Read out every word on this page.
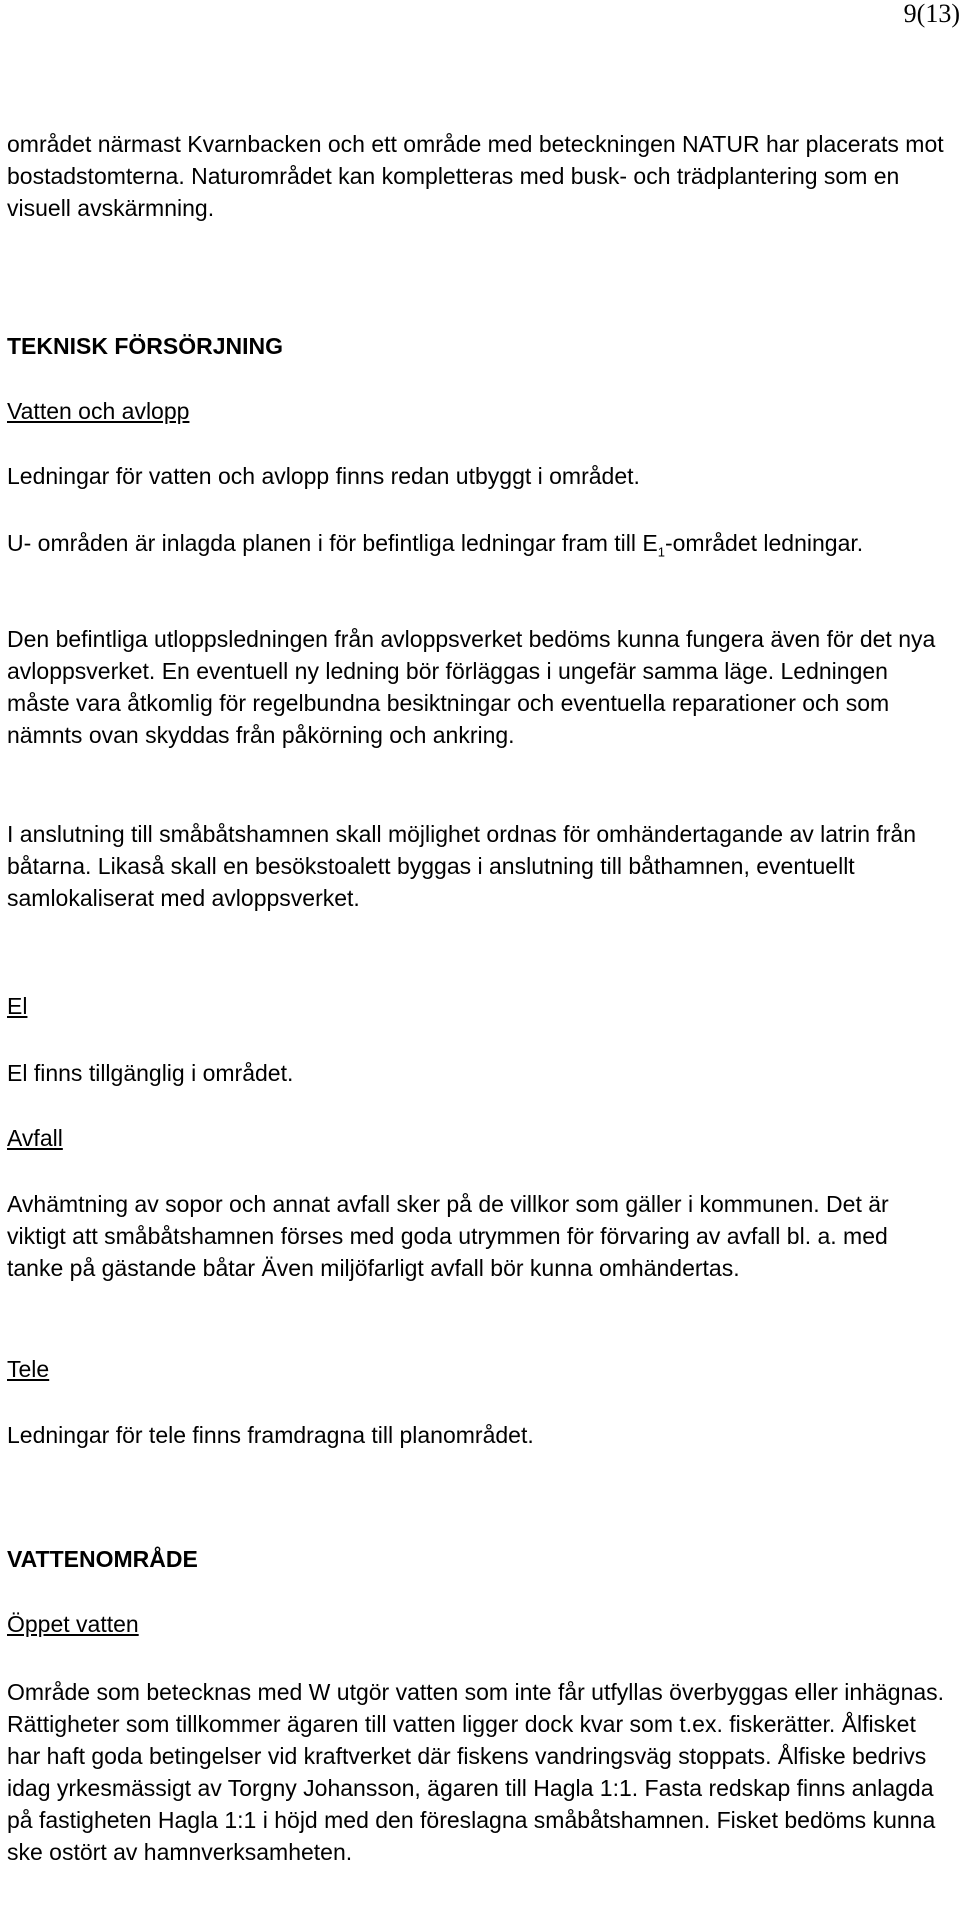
9(13)

området närmast Kvarnbacken och ett område med beteckningen NATUR har placerats mot bostadstomterna. Naturområdet kan kompletteras med busk- och trädplantering som en visuell avskärmning.

TEKNISK FÖRSÖRJNING

Vatten och avlopp

Ledningar för vatten och avlopp finns redan utbyggt i området.

U- områden är inlagda planen i för befintliga ledningar fram till $E_1$-området ledningar.

Den befintliga utloppsledningen från avloppsverket bedöms kunna fungera även för det nya avloppsverket. En eventuell ny ledning bör förläggas i ungefär samma läge. Ledningen måste vara åtkomlig för regelbundna besiktningar och eventuella reparationer och som nämnts ovan skyddas från påkörning och ankring.

I anslutning till småbåtshamnen skall möjlighet ordnas för omhändertagande av latrin från båtarna. Likaså skall en besökstoalett byggas i anslutning till båthamnen, eventuellt samlokaliserat med avloppsverket.

El

El finns tillgänglig i området.

Avfall

Avhämtning av sopor och annat avfall sker på de villkor som gäller i kommunen. Det är viktigt att småbåtshamnen förses med goda utrymmen för förvaring av avfall bl. a. med tanke på gästande båtar Även miljöfarligt avfall bör kunna omhändertas.

Tele

Ledningar för tele finns framdragna till planområdet.

VATTENOMRÅDE

Öppet vatten

Område som betecknas med W utgör vatten som inte får utfyllas överbyggas eller inhägnas. Rättigheter som tillkommer ägaren till vatten ligger dock kvar som t.ex. fiskerätter. Ålfisket har haft goda betingelser vid kraftverket där fiskens vandringsväg stoppats. Ålfiske bedrivs idag yrkesmässigt av Torgny Johansson, ägaren till Hagla 1:1. Fasta redskap finns anlagda på fastigheten Hagla 1:1 i höjd med den föreslagna småbåtshamnen. Fisket bedöms kunna ske ostört av hamnverksamheten.
